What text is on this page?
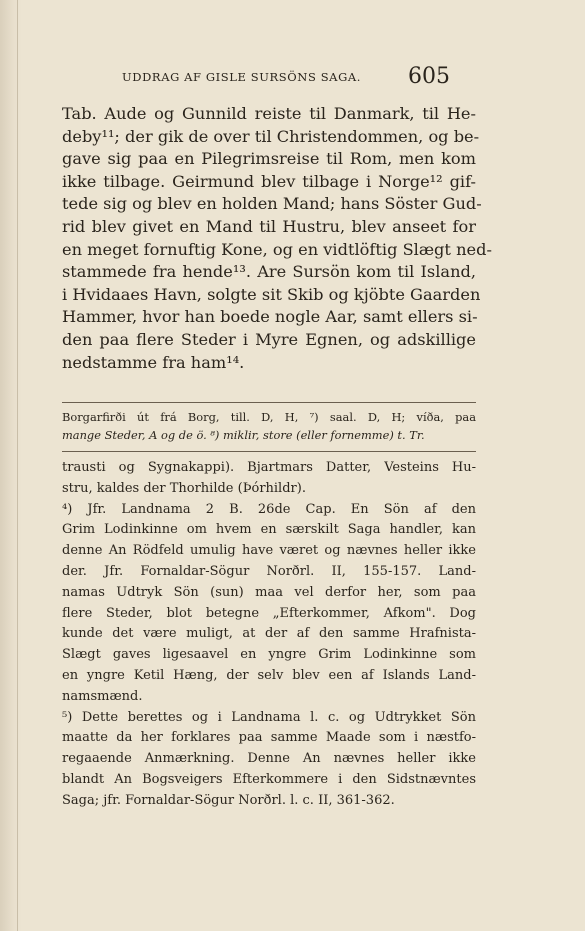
UDDRAG AF GISLE SURSÖNS SAGA. 605
Tab. Aude og Gunnild reiste til Danmark, til He-
deby¹¹; der gik de over til Christendommen, og be-
gave sig paa en Pilegrimsreise til Rom, men kom
ikke tilbage. Geirmund blev tilbage i Norge¹² gif-
tede sig og blev en holden Mand; hans Söster Gud-
rid blev givet en Mand til Hustru, blev anseet for
en meget fornuftig Kone, og en vidtlöftig Slægt ned-
stammede fra hende¹³. Are Sursön kom til Island,
i Hvidaaes Havn, solgte sit Skib og kjöbte Gaarden
Hammer, hvor han boede nogle Aar, samt ellers si-
den paa flere Steder i Myre Egnen, og adskillige
nedstamme fra ham¹⁴.
Borgarfirði út frá Borg, till. D, H, ⁷) saal. D, H; víða, paa
mange Steder, A og de ö. ⁸) miklir, store (eller fornemme) t. Tr.
trausti og Sygnakappi). Bjartmars Datter, Vesteins Hu-
stru, kaldes der Thorhilde (Þórhildr).
⁴) Jfr. Landnama 2 B. 26de Cap. En Sön af den
Grim Lodinkinne om hvem en særskilt Saga handler, kan
denne An Rödfeld umulig have været og nævnes heller ikke
der. Jfr. Fornaldar-Sögur Norðrl. II, 155-157. Land-
namas Udtryk Sön (sun) maa vel derfor her, som paa
flere Steder, blot betegne „Efterkommer, Afkom". Dog
kunde det være muligt, at der af den samme Hrafnista-
Slægt gaves ligesaavel en yngre Grim Lodinkinne som
en yngre Ketil Hæng, der selv blev een af Islands Land-
namsmænd.
⁵) Dette berettes og i Landnama l. c. og Udtrykket Sön
maatte da her forklares paa samme Maade som i næstfo-
regaaende Anmærkning. Denne An nævnes heller ikke
blandt An Bogsveigers Efterkommere i den Sidstnævntes
Saga; jfr. Fornaldar-Sögur Norðrl. l. c. II, 361-362.
